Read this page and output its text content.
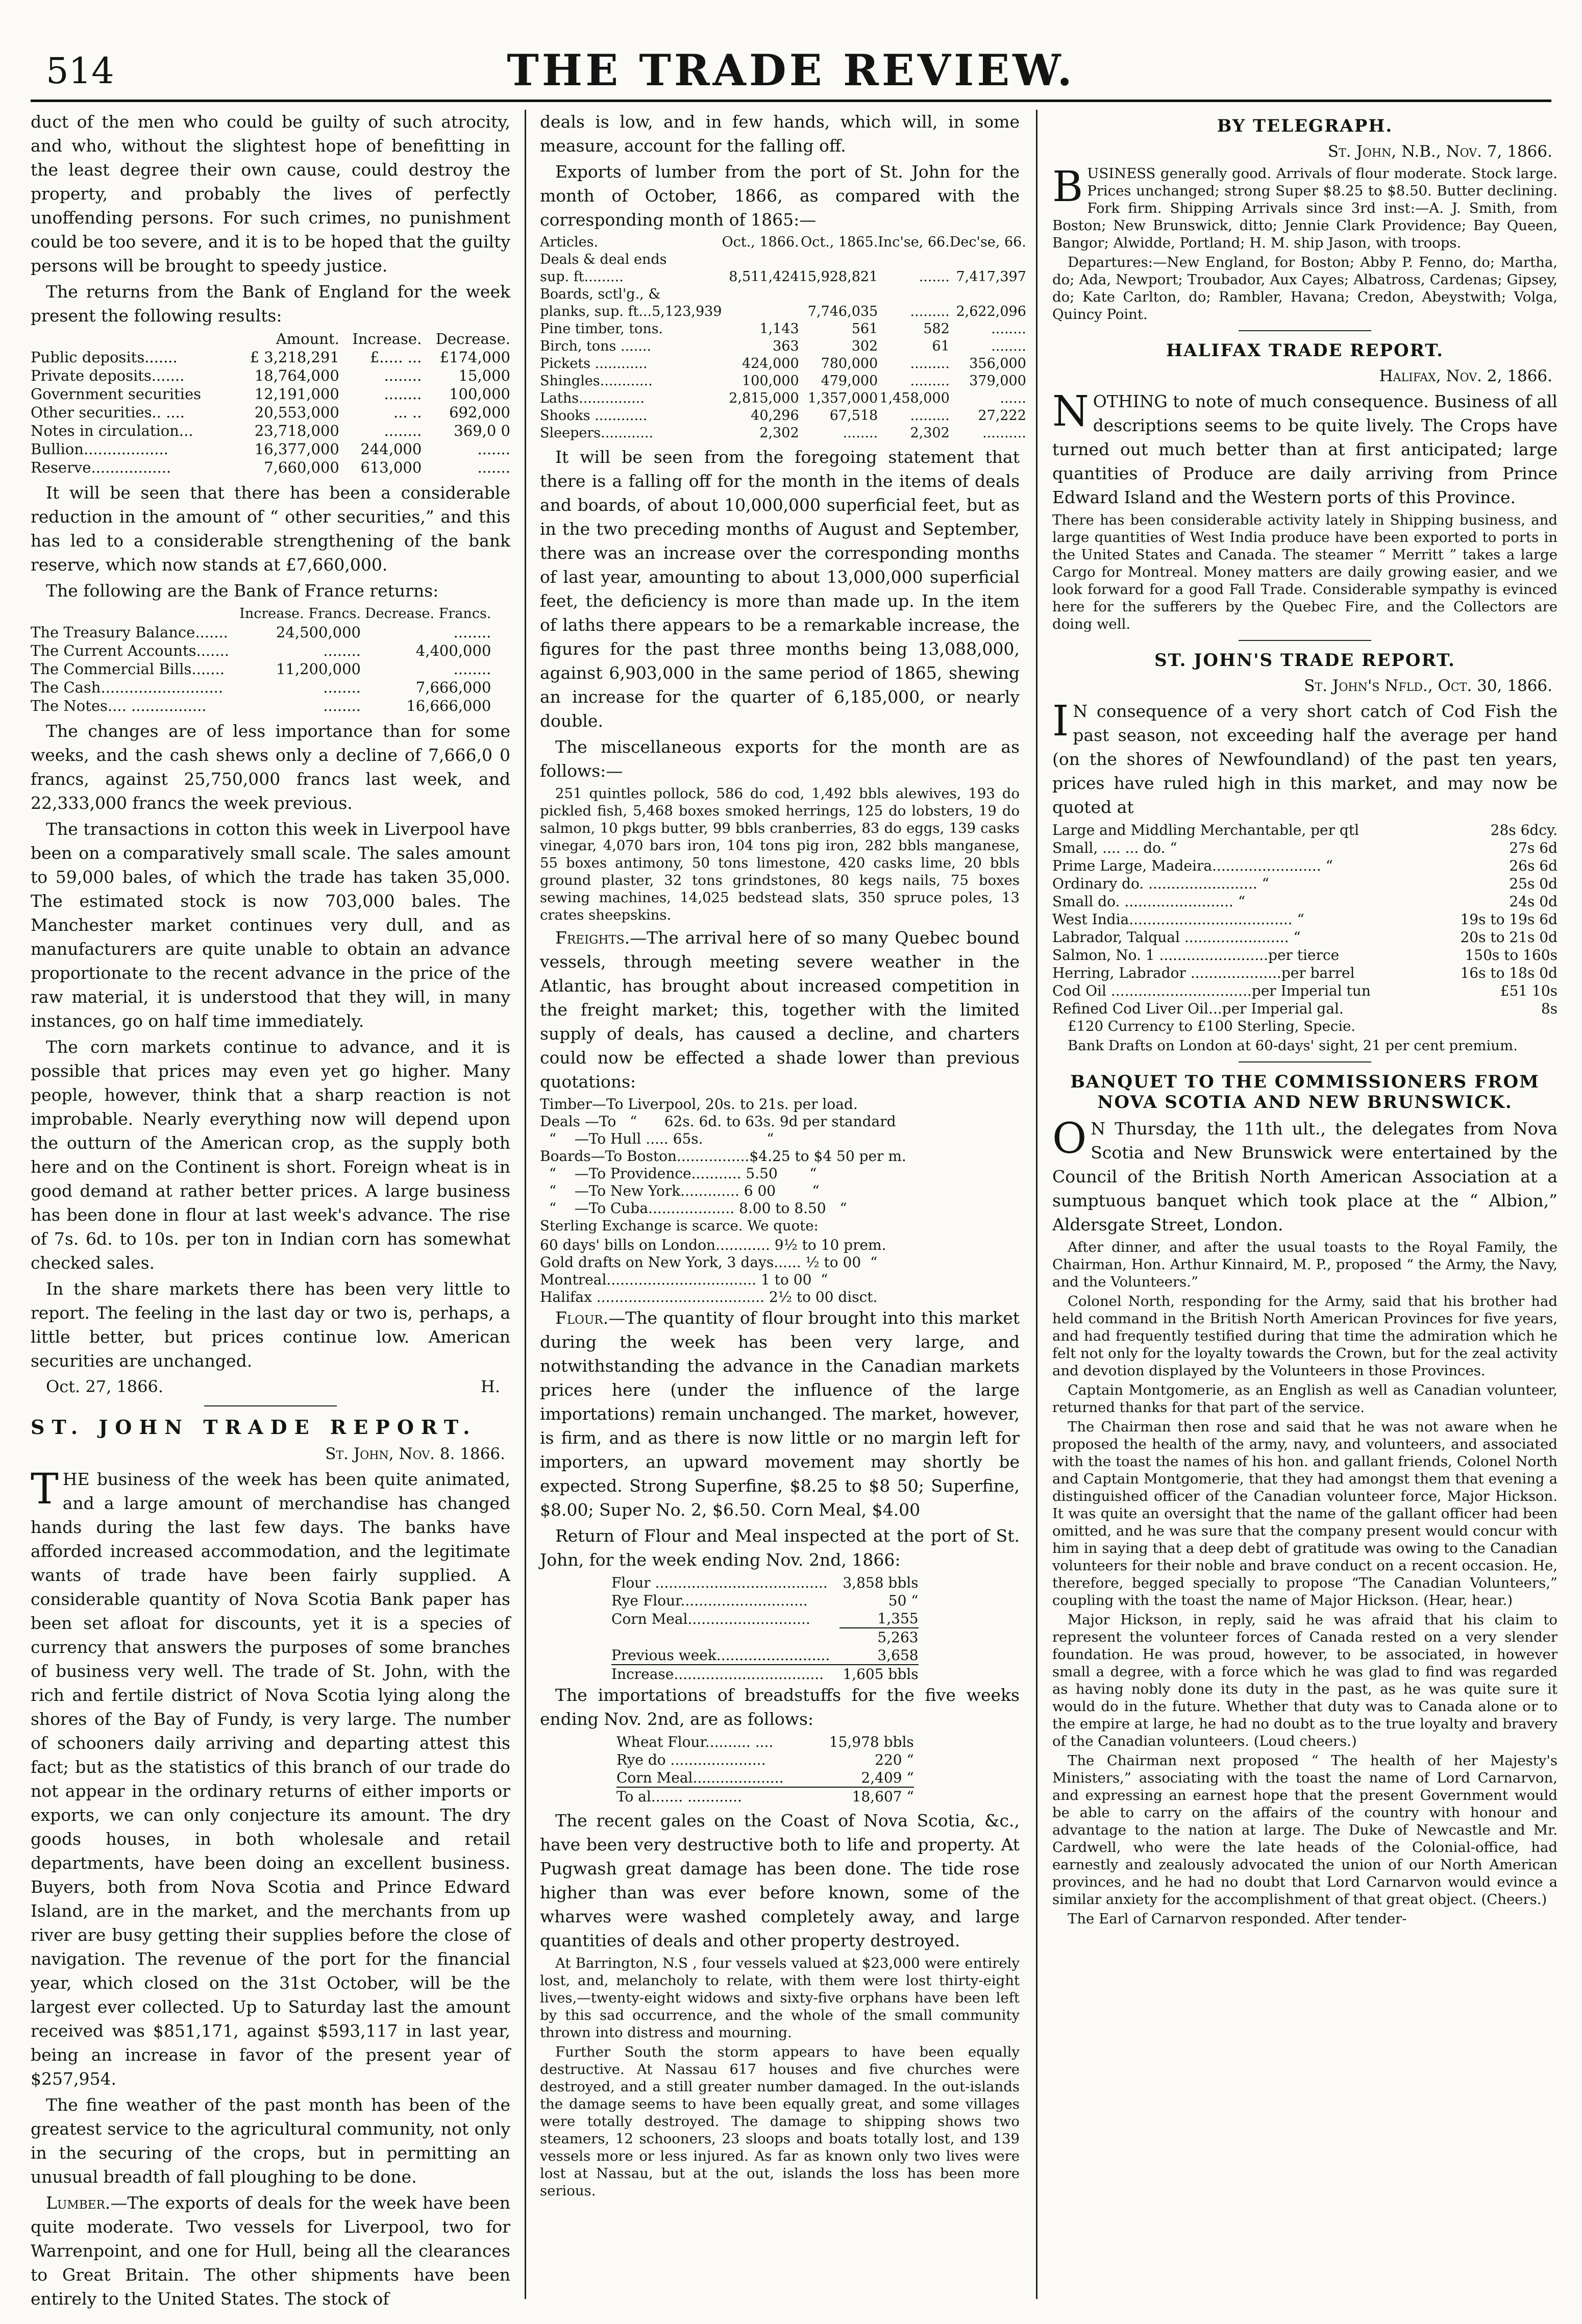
514	THE TRADE REVIEW.

duct of the men who could be guilty of such atrocity, and who, without the slightest hope of benefitting in the least degree their own cause, could destroy the property, and probably the lives of perfectly unoffending persons. For such crimes, no punishment could be too severe, and it is to be hoped that the guilty persons will be brought to speedy justice.

The returns from the Bank of England for the week present the following results:

	Amount.	Increase.	Decrease.
Public deposits.......	£ 3,218,291	£..... ...	£174,000
Private deposits.......	18,764,000	........	15,000
Government securities	12,191,000	........	100,000
Other securities.. ....	20,553,000	... ..	692,000
Notes in circulation...	23,718,000	........	369,0 0
Bullion..................	16,377,000	244,000	.......
Reserve.................	7,660,000	613,000	.......

It will be seen that there has been a considerable reduction in the amount of “ other securities,” and this has led to a considerable strengthening of the bank reserve, which now stands at £7,660,000.

The following are the Bank of France returns:

	Increase. Francs.	Decrease. Francs.
The Treasury Balance.......	24,500,000	........
The Current Accounts.......	........	4,400,000
The Commercial Bills.......	11,200,000	........
The Cash..........................	........	7,666,000
The Notes.... ................	........	16,666,000

The changes are of less importance than for some weeks, and the cash shews only a decline of 7,666,0 0 francs, against 25,750,000 francs last week, and 22,333,000 francs the week previous.

The transactions in cotton this week in Liverpool have been on a comparatively small scale. The sales amount to 59,000 bales, of which the trade has taken 35,000. The estimated stock is now 703,000 bales. The Manchester market continues very dull, and as manufacturers are quite unable to obtain an advance proportionate to the recent advance in the price of the raw material, it is understood that they will, in many instances, go on half time immediately.

The corn markets continue to advance, and it is possible that prices may even yet go higher. Many people, however, think that a sharp reaction is not improbable. Nearly everything now will depend upon the outturn of the American crop, as the supply both here and on the Continent is short. Foreign wheat is in good demand at rather better prices. A large business has been done in flour at last week's advance. The rise of 7s. 6d. to 10s. per ton in Indian corn has somewhat checked sales.

In the share markets there has been very little to report. The feeling in the last day or two is, perhaps, a little better, but prices continue low. American securities are unchanged.

Oct. 27, 1866.	H.
ST. JOHN TRADE REPORT.
St. John, Nov. 8. 1866.

THE business of the week has been quite animated, and a large amount of merchandise has changed hands during the last few days. The banks have afforded increased accommodation, and the legitimate wants of trade have been fairly supplied. A considerable quantity of Nova Scotia Bank paper has been set afloat for discounts, yet it is a species of currency that answers the purposes of some branches of business very well. The trade of St. John, with the rich and fertile district of Nova Scotia lying along the shores of the Bay of Fundy, is very large. The number of schooners daily arriving and departing attest this fact; but as the statistics of this branch of our trade do not appear in the ordinary returns of either imports or exports, we can only conjecture its amount. The dry goods houses, in both wholesale and retail departments, have been doing an excellent business. Buyers, both from Nova Scotia and Prince Edward Island, are in the market, and the merchants from up river are busy getting their supplies before the close of navigation. The revenue of the port for the financial year, which closed on the 31st October, will be the largest ever collected. Up to Saturday last the amount received was $851,171, against $593,117 in last year, being an increase in favor of the present year of $257,954.

The fine weather of the past month has been of the greatest service to the agricultural community, not only in the securing of the crops, but in permitting an unusual breadth of fall ploughing to be done.

Lumber.—The exports of deals for the week have been quite moderate. Two vessels for Liverpool, two for Warrenpoint, and one for Hull, being all the clearances to Great Britain. The other shipments have been entirely to the United States. The stock of

deals is low, and in few hands, which will, in some measure, account for the falling off.

Exports of lumber from the port of St. John for the month of October, 1866, as compared with the corresponding month of 1865:—

Articles.	Oct., 1866.	Oct., 1865.	Inc'se, 66.	Dec'se, 66.
Deals & deal ends				
sup. ft.........	8,511,424	15,928,821	.......	7,417,397
Boards, sctl'g., &				
planks, sup. ft...5,123,939		7,746,035	.........	2,622,096
Pine timber, tons.	1,143	561	582	........
Birch, tons .......	363	302	61	........
Pickets ............	424,000	780,000	.........	356,000
Shingles............	100,000	479,000	.........	379,000
Laths...............	2,815,000	1,357,000	1,458,000	......
Shooks ............	40,296	67,518	.........	27,222
Sleepers............	2,302	........	2,302	..........

It will be seen from the foregoing statement that there is a falling off for the month in the items of deals and boards, of about 10,000,000 superficial feet, but as in the two preceding months of August and September, there was an increase over the corresponding months of last year, amounting to about 13,000,000 superficial feet, the deficiency is more than made up. In the item of laths there appears to be a remarkable increase, the figures for the past three months being 13,088,000, against 6,903,000 in the same period of 1865, shewing an increase for the quarter of 6,185,000, or nearly double.

The miscellaneous exports for the month are as follows:—

251 quintles pollock, 586 do cod, 1,492 bbls alewives, 193 do pickled fish, 5,468 boxes smoked herrings, 125 do lobsters, 19 do salmon, 10 pkgs butter, 99 bbls cranberries, 83 do eggs, 139 casks vinegar, 4,070 bars iron, 104 tons pig iron, 282 bbls manganese, 55 boxes antimony, 50 tons limestone, 420 casks lime, 20 bbls ground plaster, 32 tons grindstones, 80 kegs nails, 75 boxes sewing machines, 14,025 bedstead slats, 350 spruce poles, 13 crates sheepskins.

Freights.—The arrival here of so many Quebec bound vessels, through meeting severe weather in the Atlantic, has brought about increased competition in the freight market; this, together with the limited supply of deals, has caused a decline, and charters could now be effected a shade lower than previous quotations:

Timber—To Liverpool, 20s. to 21s. per load.
Deals —To   “      62s. 6d. to 63s. 9d per standard
“    —To Hull ..... 65s.              “
Boards—To Boston................$4.25 to $4 50 per m.
“    —To Providence........... 5.50       “
“    —To New York............. 6 00        “
“    —To Cuba................... 8.00 to 8.50   “

Sterling Exchange is scarce. We quote:

60 days' bills on London............ 9½ to 10 prem.
Gold drafts on New York, 3 days...... ½ to 00  “
Montreal................................. 1 to 00  “
Halifax ..................................... 2½ to 00 disct.

Flour.—The quantity of flour brought into this market during the week has been very large, and notwithstanding the advance in the Canadian markets prices here (under the influence of the large importations) remain unchanged. The market, however, is firm, and as there is now little or no margin left for importers, an upward movement may shortly be expected. Strong Superfine, $8.25 to $8 50; Superfine, $8.00; Super No. 2, $6.50. Corn Meal, $4.00

Return of Flour and Meal inspected at the port of St. John, for the week ending Nov. 2nd, 1866:

Flour ......................................	3,858 bbls
Rye Flour............................	50 “
Corn Meal...........................	1,355
	5,263
Previous week.........................	3,658
Increase.................................	1,605 bbls

The importations of breadstuffs for the five weeks ending Nov. 2nd, are as follows:

Wheat Flour.......... ....	15,978 bbls
Rye do .....................	220 “
Corn Meal....................	2,409 “
To al....... ............	18,607 “

The recent gales on the Coast of Nova Scotia, &c., have been very destructive both to life and property. At Pugwash great damage has been done. The tide rose higher than was ever before known, some of the wharves were washed completely away, and large quantities of deals and other property destroyed.

At Barrington, N.S , four vessels valued at $23,000 were entirely lost, and, melancholy to relate, with them were lost thirty-eight lives,—twenty-eight widows and sixty-five orphans have been left by this sad occurrence, and the whole of the small community thrown into distress and mourning.

Further South the storm appears to have been equally destructive. At Nassau 617 houses and five churches were destroyed, and a still greater number damaged. In the out-islands the damage seems to have been equally great, and some villages were totally destroyed. The damage to shipping shows two steamers, 12 schooners, 23 sloops and boats totally lost, and 139 vessels more or less injured. As far as known only two lives were lost at Nassau, but at the out, islands the loss has been more serious.

BY TELEGRAPH.
St. John, N.B., Nov. 7, 1866.

BUSINESS generally good. Arrivals of flour moderate. Stock large. Prices unchanged; strong Super $8.25 to $8.50. Butter declining. Fork firm. Shipping Arrivals since 3rd inst:—A. J. Smith, from Boston; New Brunswick, ditto; Jennie Clark Providence; Bay Queen, Bangor; Alwidde, Portland; H. M. ship Jason, with troops.

Departures:—New England, for Boston; Abby P. Fenno, do; Martha, do; Ada, Newport; Troubador, Aux Cayes; Albatross, Cardenas; Gipsey, do; Kate Carlton, do; Rambler, Havana; Credon, Abeystwith; Volga, Quincy Point.

HALIFAX TRADE REPORT.
Halifax, Nov. 2, 1866.

NOTHING to note of much consequence. Business of all descriptions seems to be quite lively. The Crops have turned out much better than at first anticipated; large quantities of Produce are daily arriving from Prince Edward Island and the Western ports of this Province.

There has been considerable activity lately in Shipping business, and large quantities of West India produce have been exported to ports in the United States and Canada. The steamer “ Merritt ” takes a large Cargo for Montreal. Money matters are daily growing easier, and we look forward for a good Fall Trade. Considerable sympathy is evinced here for the sufferers by the Quebec Fire, and the Collectors are doing well.

ST. JOHN'S TRADE REPORT.
St. John's Nfld., Oct. 30, 1866.

I N consequence of a very short catch of Cod Fish the past season, not exceeding half the average per hand (on the shores of Newfoundland) of the past ten years, prices have ruled high in this market, and may now be quoted at

Large and Middling Merchantable, per qtl	28s 6dcy.
Small, .... ... do. “	27s 6d
Prime Large, Madeira........................ “	26s 6d
Ordinary do. ........................ “	25s 0d
Small do. ........................ “	24s 0d
West India.................................... “	19s to 19s 6d
Labrador, Talqual ....................... “	20s to 21s 0d
Salmon, No. 1 ........................per tierce	150s to 160s
Herring, Labrador ....................per barrel	16s to 18s 0d
Cod Oil ...............................per Imperial tun	£51 10s
Refined Cod Liver Oil...per Imperial gal.	8s

£120 Currency to £100 Sterling, Specie.

Bank Drafts on London at 60-days' sight, 21 per cent premium.

BANQUET TO THE COMMISSIONERS FROM
NOVA SCOTIA AND NEW BRUNSWICK.

O N Thursday, the 11th ult., the delegates from Nova Scotia and New Brunswick were entertained by the Council of the British North American Association at a sumptuous banquet which took place at the “ Albion,” Aldersgate Street, London.

After dinner, and after the usual toasts to the Royal Family, the Chairman, Hon. Arthur Kinnaird, M. P., proposed “ the Army, the Navy, and the Volunteers.”

Colonel North, responding for the Army, said that his brother had held command in the British North American Provinces for five years, and had frequently testified during that time the admiration which he felt not only for the loyalty towards the Crown, but for the zeal activity and devotion displayed by the Volunteers in those Provinces.

Captain Montgomerie, as an English as well as Canadian volunteer, returned thanks for that part of the service.

The Chairman then rose and said that he was not aware when he proposed the health of the army, navy, and volunteers, and associated with the toast the names of his hon. and gallant friends, Colonel North and Captain Montgomerie, that they had amongst them that evening a distinguished officer of the Canadian volunteer force, Major Hickson. It was quite an oversight that the name of the gallant officer had been omitted, and he was sure that the company present would concur with him in saying that a deep debt of gratitude was owing to the Canadian volunteers for their noble and brave conduct on a recent occasion. He, therefore, begged specially to propose “The Canadian Volunteers,” coupling with the toast the name of Major Hickson. (Hear, hear.)

Major Hickson, in reply, said he was afraid that his claim to represent the volunteer forces of Canada rested on a very slender foundation. He was proud, however, to be associated, in however small a degree, with a force which he was glad to find was regarded as having nobly done its duty in the past, as he was quite sure it would do in the future. Whether that duty was to Canada alone or to the empire at large, he had no doubt as to the true loyalty and bravery of the Canadian volunteers. (Loud cheers.)

The Chairman next proposed “ The health of her Majesty's Ministers,” associating with the toast the name of Lord Carnarvon, and expressing an earnest hope that the present Government would be able to carry on the affairs of the country with honour and advantage to the nation at large. The Duke of Newcastle and Mr. Cardwell, who were the late heads of the Colonial-office, had earnestly and zealously advocated the union of our North American provinces, and he had no doubt that Lord Carnarvon would evince a similar anxiety for the accomplishment of that great object. (Cheers.)

The Earl of Carnarvon responded. After tender-
